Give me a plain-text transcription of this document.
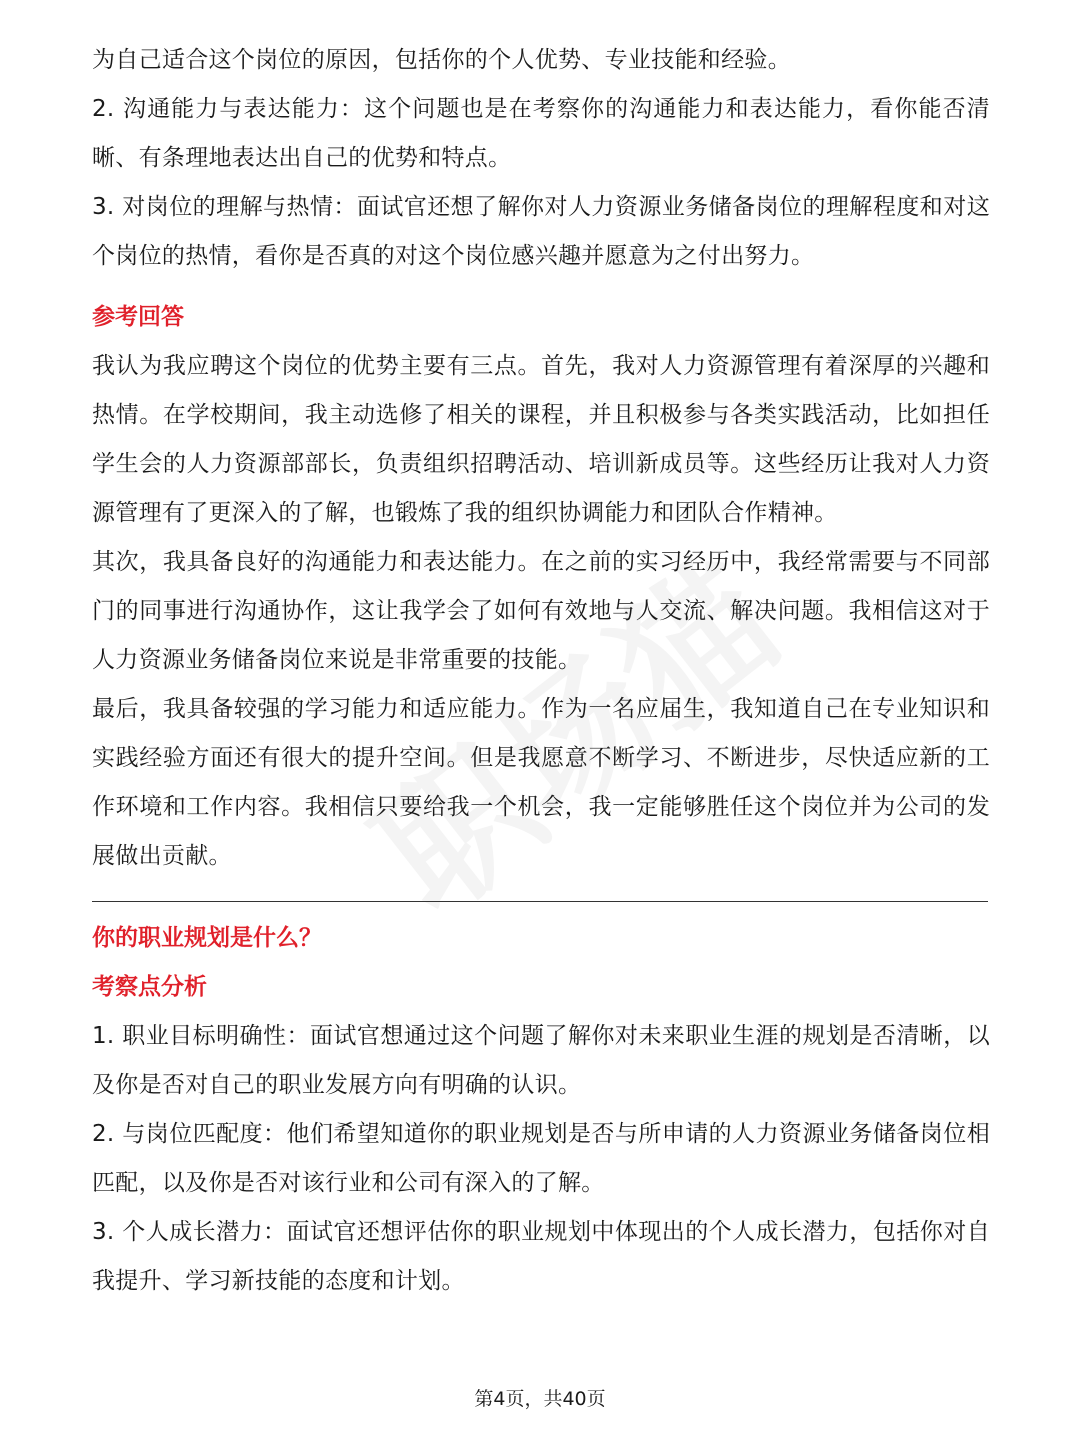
为自己适合这个岗位的原因，包括你的个人优势、专业技能和经验。

2. 沟通能力与表达能力：这个问题也是在考察你的沟通能力和表达能力，看你能否清晰、有条理地表达出自己的优势和特点。

3. 对岗位的理解与热情：面试官还想了解你对人力资源业务储备岗位的理解程度和对这个岗位的热情，看你是否真的对这个岗位感兴趣并愿意为之付出努力。

参考回答

我认为我应聘这个岗位的优势主要有三点。首先，我对人力资源管理有着深厚的兴趣和热情。在学校期间，我主动选修了相关的课程，并且积极参与各类实践活动，比如担任学生会的人力资源部部长，负责组织招聘活动、培训新成员等。这些经历让我对人力资源管理有了更深入的了解，也锻炼了我的组织协调能力和团队合作精神。

其次，我具备良好的沟通能力和表达能力。在之前的实习经历中，我经常需要与不同部门的同事进行沟通协作，这让我学会了如何有效地与人交流、解决问题。我相信这对于人力资源业务储备岗位来说是非常重要的技能。

最后，我具备较强的学习能力和适应能力。作为一名应届生，我知道自己在专业知识和实践经验方面还有很大的提升空间。但是我愿意不断学习、不断进步，尽快适应新的工作环境和工作内容。我相信只要给我一个机会，我一定能够胜任这个岗位并为公司的发展做出贡献。

你的职业规划是什么？
考察点分析

1. 职业目标明确性：面试官想通过这个问题了解你对未来职业生涯的规划是否清晰，以及你是否对自己的职业发展方向有明确的认识。

2. 与岗位匹配度：他们希望知道你的职业规划是否与所申请的人力资源业务储备岗位相匹配，以及你是否对该行业和公司有深入的了解。

3. 个人成长潜力：面试官还想评估你的职业规划中体现出的个人成长潜力，包括你对自我提升、学习新技能的态度和计划。

第4页，共40页
